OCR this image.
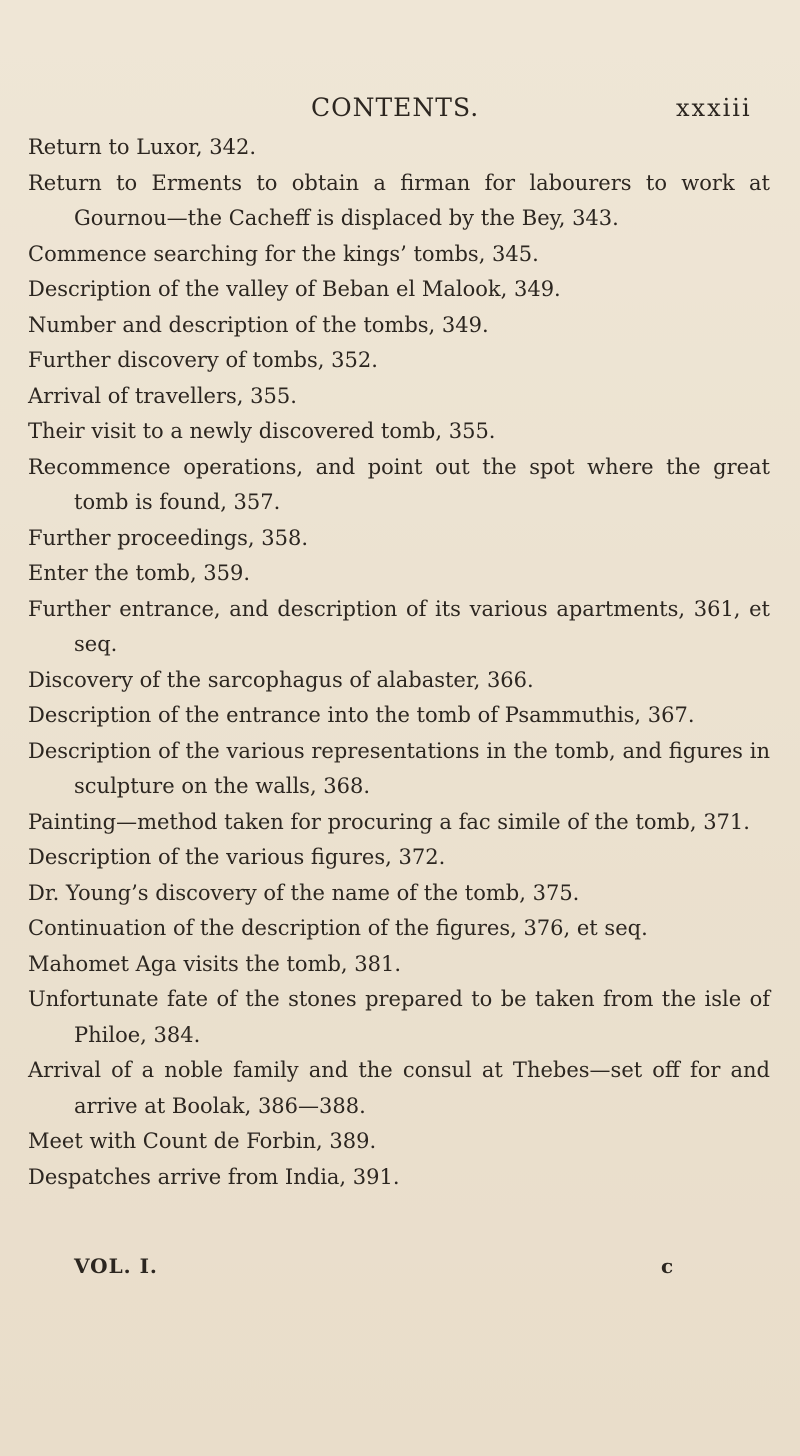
CONTENTS.	xxxiii

Return to Luxor, 342.

Return to Erments to obtain a firman for labourers to work at Gournou—the Cacheff is displaced by the Bey, 343.

Commence searching for the kings’ tombs, 345.

Description of the valley of Beban el Malook, 349.

Number and description of the tombs, 349.

Further discovery of tombs, 352.

Arrival of travellers, 355.

Their visit to a newly discovered tomb, 355.

Recommence operations, and point out the spot where the great tomb is found, 357.

Further proceedings, 358.

Enter the tomb, 359.

Further entrance, and description of its various apartments, 361, et seq.

Discovery of the sarcophagus of alabaster, 366.

Description of the entrance into the tomb of Psammuthis, 367.

Description of the various representations in the tomb, and figures in sculpture on the walls, 368.

Painting—method taken for procuring a fac simile of the tomb, 371.

Description of the various figures, 372.

Dr. Young’s discovery of the name of the tomb, 375.

Continuation of the description of the figures, 376, et seq.

Mahomet Aga visits the tomb, 381.

Unfortunate fate of the stones prepared to be taken from the isle of Philoe, 384.

Arrival of a noble family and the consul at Thebes—set off for and arrive at Boolak, 386—388.

Meet with Count de Forbin, 389.

Despatches arrive from India, 391.

VOL. I.	c
